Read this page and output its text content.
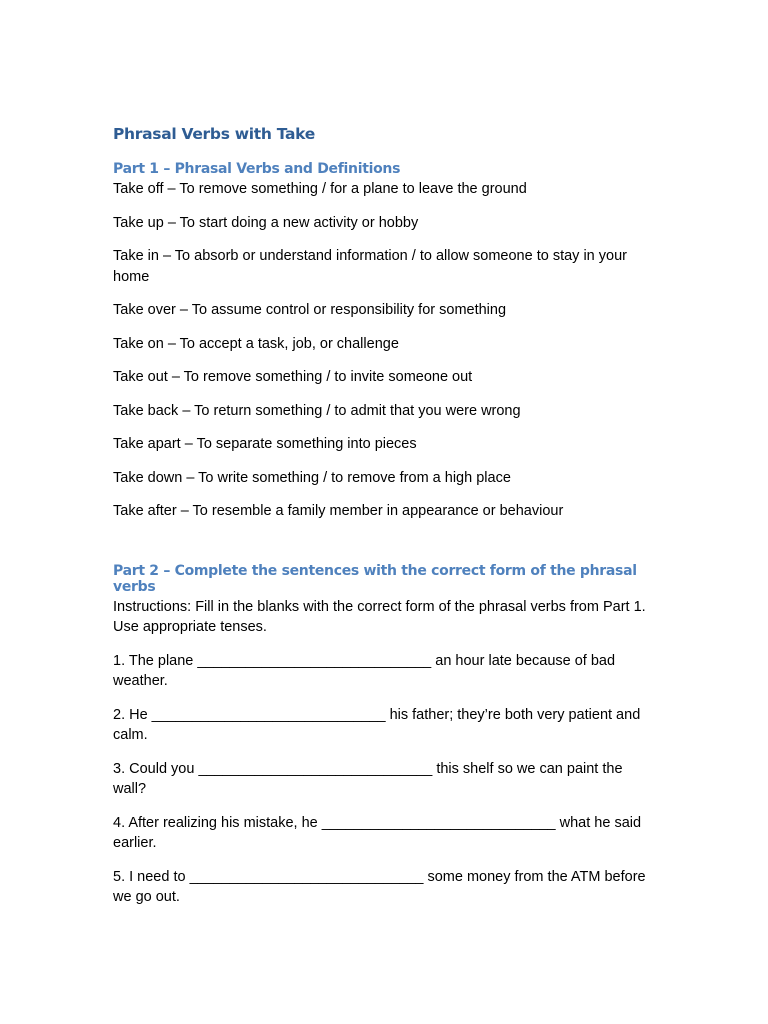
Phrasal Verbs with Take
Part 1 – Phrasal Verbs and Definitions

Take off – To remove something / for a plane to leave the ground

Take up – To start doing a new activity or hobby

Take in – To absorb or understand information / to allow someone to stay in your home

Take over – To assume control or responsibility for something

Take on – To accept a task, job, or challenge

Take out – To remove something / to invite someone out

Take back – To return something / to admit that you were wrong

Take apart – To separate something into pieces

Take down – To write something / to remove from a high place

Take after – To resemble a family member in appearance or behaviour

Part 2 – Complete the sentences with the correct form of the phrasal verbs

Instructions: Fill in the blanks with the correct form of the phrasal verbs from Part 1. Use appropriate tenses.

1. The plane _____________________________ an hour late because of bad weather.

2. He _____________________________ his father; they’re both very patient and calm.

3. Could you _____________________________ this shelf so we can paint the wall?

4. After realizing his mistake, he _____________________________ what he said earlier.

5. I need to _____________________________ some money from the ATM before we go out.
